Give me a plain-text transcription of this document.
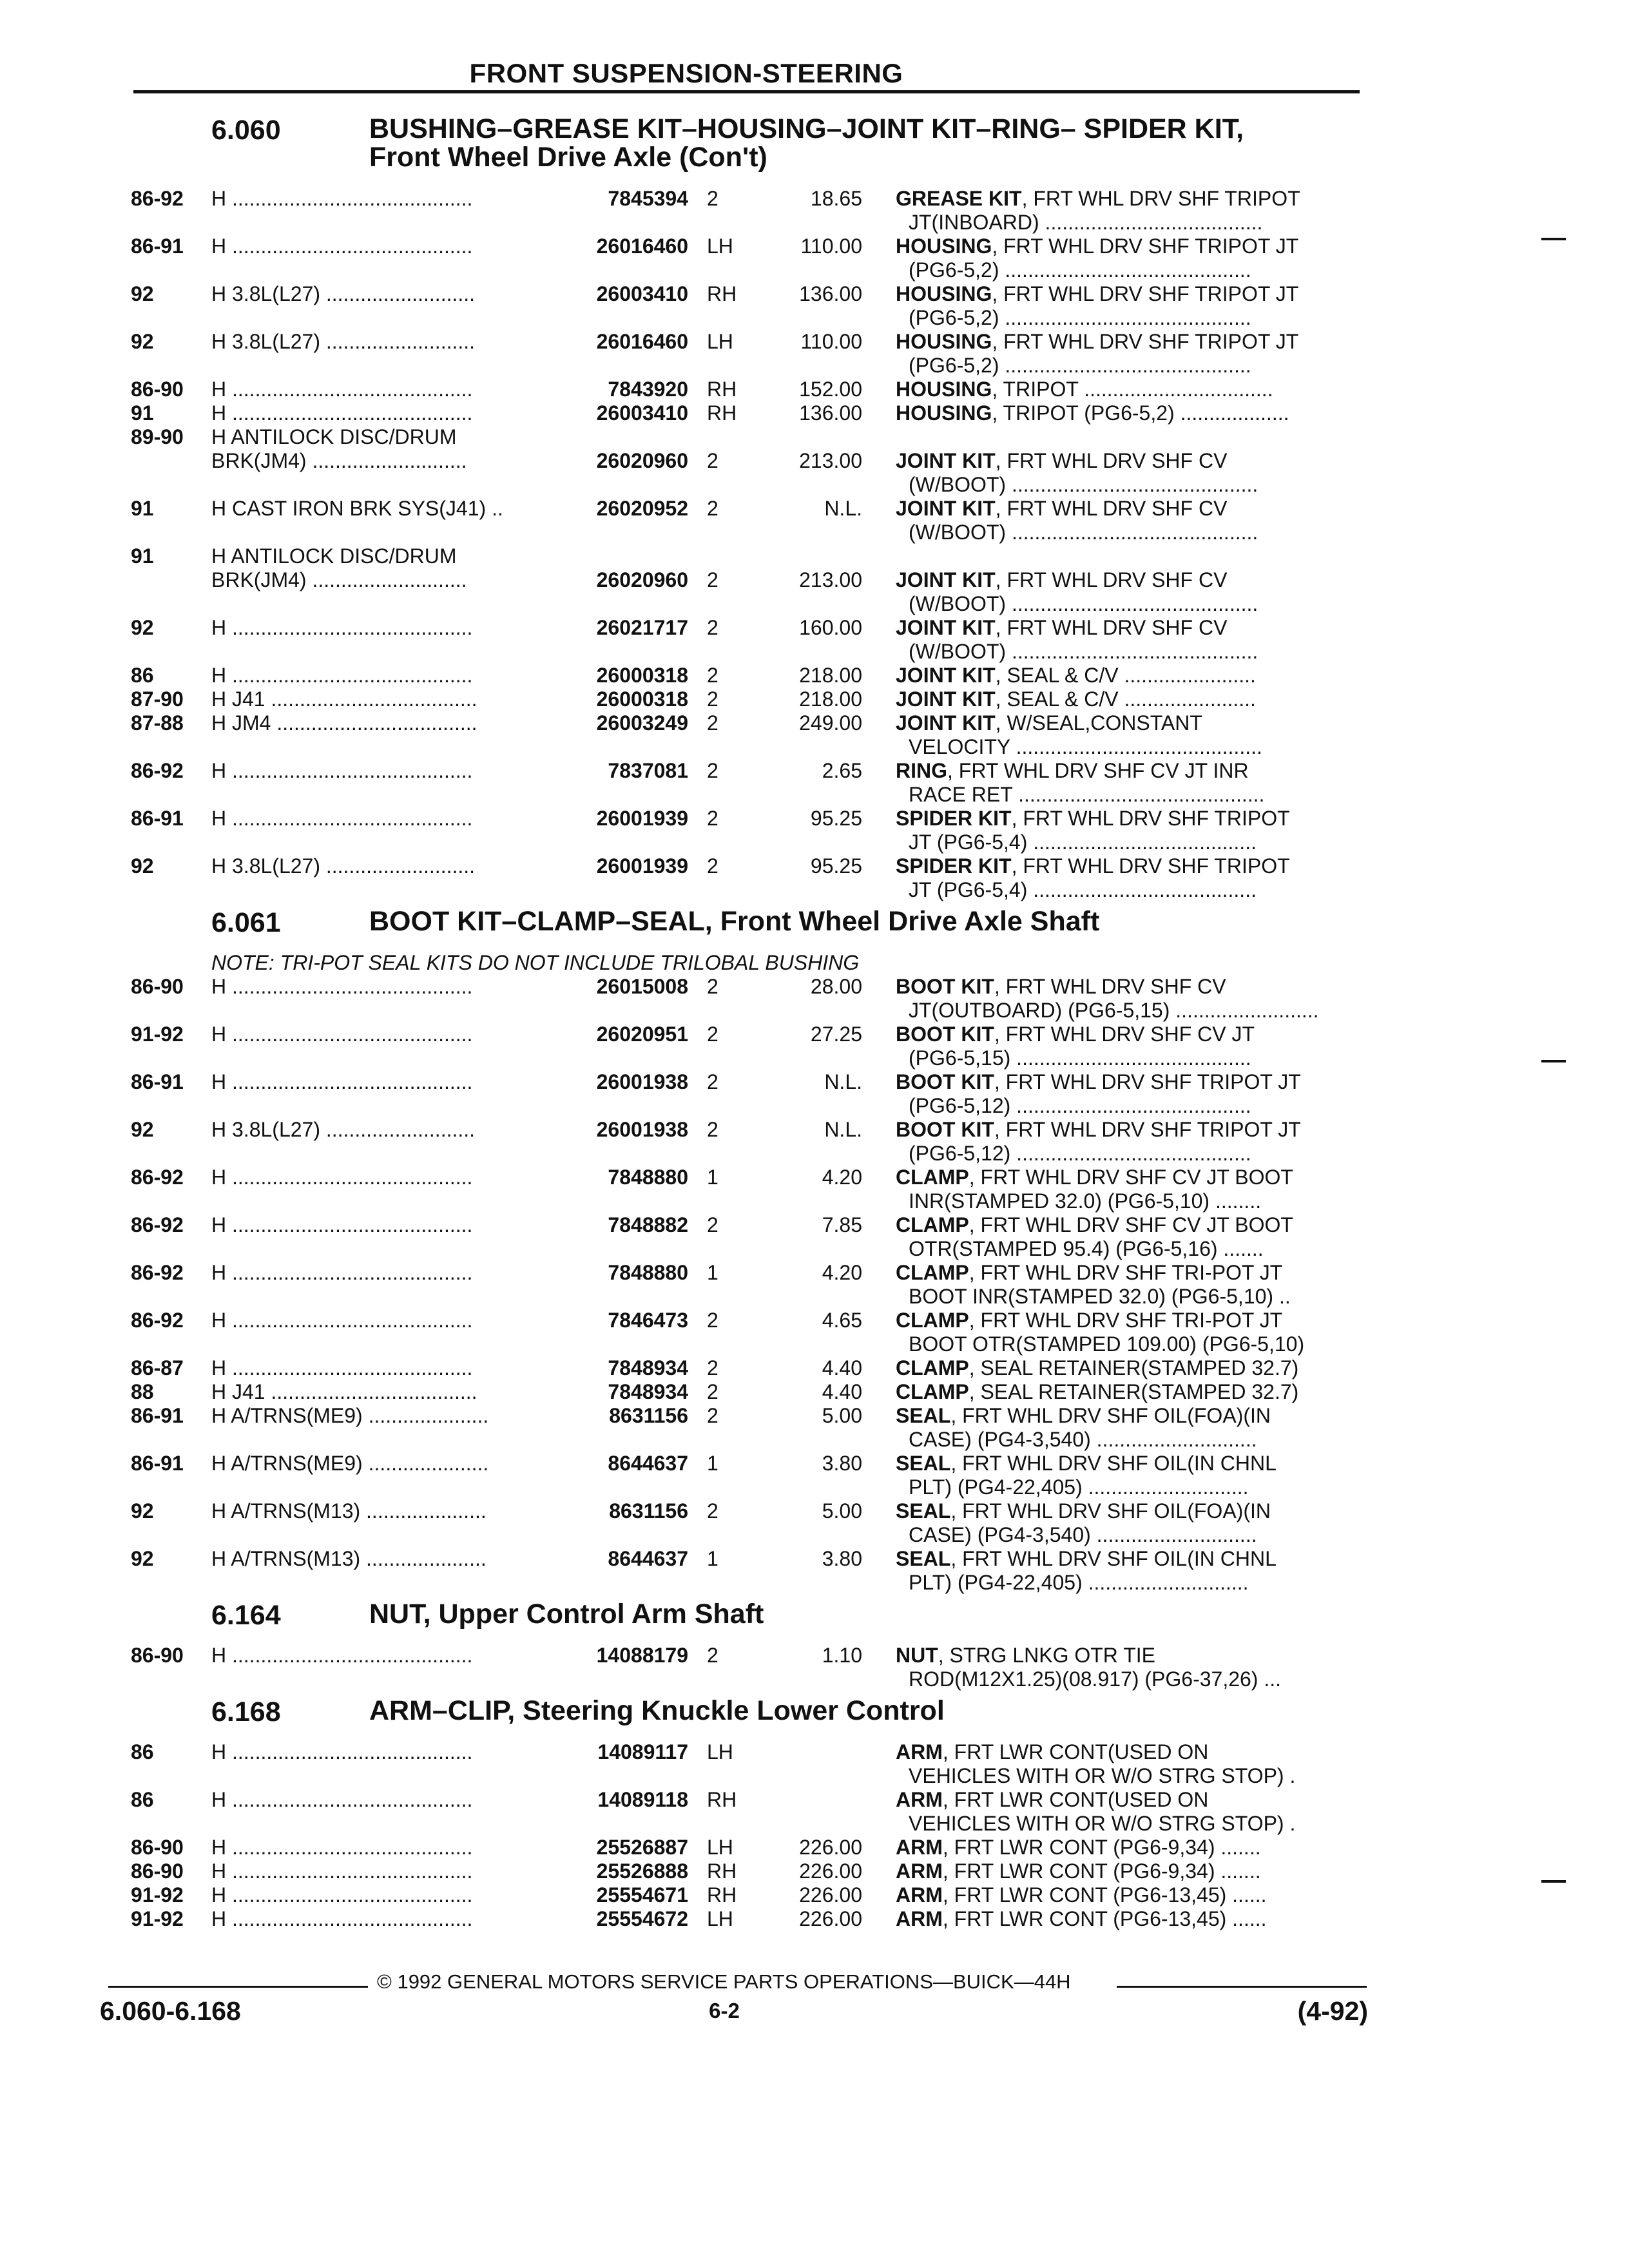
FRONT SUSPENSION-STEERING
6.060	BUSHING–GREASE KIT–HOUSING–JOINT KIT–RING– SPIDER KIT,
Front Wheel Drive Axle (Con't)
86-92 H ..........................................	7845394 2	18.65 GREASE KIT, FRT WHL DRV SHF TRIPOT
JT(INBOARD) ......................................
86-91 H ..........................................	26016460 LH	110.00 HOUSING, FRT WHL DRV SHF TRIPOT JT
(PG6-5,2) ...........................................
92	H 3.8L(L27) ..........................	26003410 RH	136.00 HOUSING, FRT WHL DRV SHF TRIPOT JT
(PG6-5,2) ...........................................
92	H 3.8L(L27) ..........................	26016460 LH	110.00 HOUSING, FRT WHL DRV SHF TRIPOT JT
(PG6-5,2) ...........................................
86-90 H ..........................................	7843920 RH	152.00 HOUSING, TRIPOT .................................
91	H ..........................................	26003410 RH	136.00 HOUSING, TRIPOT (PG6-5,2) ...................
89-90 H ANTILOCK DISC/DRUM
BRK(JM4) ...........................	26020960 2	213.00 JOINT KIT, FRT WHL DRV SHF CV
(W/BOOT) ...........................................
91	H CAST IRON BRK SYS(J41) ..	26020952 2	N.L. JOINT KIT, FRT WHL DRV SHF CV
(W/BOOT) ...........................................
91	H ANTILOCK DISC/DRUM
BRK(JM4) ...........................	26020960 2	213.00 JOINT KIT, FRT WHL DRV SHF CV
(W/BOOT) ...........................................
92	H ..........................................	26021717 2	160.00 JOINT KIT, FRT WHL DRV SHF CV
(W/BOOT) ...........................................
86	H ..........................................	26000318 2	218.00 JOINT KIT, SEAL & C/V .......................
87-90 H J41 ....................................	26000318 2	218.00 JOINT KIT, SEAL & C/V .......................
87-88 H JM4 ...................................	26003249 2	249.00 JOINT KIT, W/SEAL,CONSTANT
VELOCITY ...........................................
86-92 H ..........................................	7837081 2	2.65 RING, FRT WHL DRV SHF CV JT INR
RACE RET ...........................................
86-91 H ..........................................	26001939 2	95.25 SPIDER KIT, FRT WHL DRV SHF TRIPOT
JT (PG6-5,4) .......................................
92	H 3.8L(L27) ..........................	26001939 2	95.25 SPIDER KIT, FRT WHL DRV SHF TRIPOT
JT (PG6-5,4) .......................................
6.061	BOOT KIT–CLAMP–SEAL, Front Wheel Drive Axle Shaft
NOTE: TRI-POT SEAL KITS DO NOT INCLUDE TRILOBAL BUSHING
86-90 H ..........................................	26015008 2	28.00 BOOT KIT, FRT WHL DRV SHF CV
JT(OUTBOARD) (PG6-5,15) .........................
91-92 H ..........................................	26020951 2	27.25 BOOT KIT, FRT WHL DRV SHF CV JT
(PG6-5,15) .........................................
86-91 H ..........................................	26001938 2	N.L. BOOT KIT, FRT WHL DRV SHF TRIPOT JT
(PG6-5,12) .........................................
92	H 3.8L(L27) ..........................	26001938 2	N.L. BOOT KIT, FRT WHL DRV SHF TRIPOT JT
(PG6-5,12) .........................................
86-92 H ..........................................	7848880 1	4.20 CLAMP, FRT WHL DRV SHF CV JT BOOT
INR(STAMPED 32.0) (PG6-5,10) ........
86-92 H ..........................................	7848882 2	7.85 CLAMP, FRT WHL DRV SHF CV JT BOOT
OTR(STAMPED 95.4) (PG6-5,16) .......
86-92 H ..........................................	7848880 1	4.20 CLAMP, FRT WHL DRV SHF TRI-POT JT
BOOT INR(STAMPED 32.0) (PG6-5,10) ..
86-92 H ..........................................	7846473 2	4.65 CLAMP, FRT WHL DRV SHF TRI-POT JT
BOOT OTR(STAMPED 109.00) (PG6-5,10)
86-87 H ..........................................	7848934 2	4.40 CLAMP, SEAL RETAINER(STAMPED 32.7)
88	H J41 ....................................	7848934 2	4.40 CLAMP, SEAL RETAINER(STAMPED 32.7)
86-91 H A/TRNS(ME9) .....................	8631156 2	5.00 SEAL, FRT WHL DRV SHF OIL(FOA)(IN
CASE) (PG4-3,540) ............................
86-91 H A/TRNS(ME9) .....................	8644637 1	3.80 SEAL, FRT WHL DRV SHF OIL(IN CHNL
PLT) (PG4-22,405) ............................
92	H A/TRNS(M13) .....................	8631156 2	5.00 SEAL, FRT WHL DRV SHF OIL(FOA)(IN
CASE) (PG4-3,540) ............................
92	H A/TRNS(M13) .....................	8644637 1	3.80 SEAL, FRT WHL DRV SHF OIL(IN CHNL
PLT) (PG4-22,405) ............................
6.164	NUT, Upper Control Arm Shaft
86-90 H ..........................................	14088179 2	1.10 NUT, STRG LNKG OTR TIE
ROD(M12X1.25)(08.917) (PG6-37,26) ...
6.168	ARM–CLIP, Steering Knuckle Lower Control
86	H ..........................................	14089117 LH	ARM, FRT LWR CONT(USED ON
VEHICLES WITH OR W/O STRG STOP) .
86	H ..........................................	14089118 RH	ARM, FRT LWR CONT(USED ON
VEHICLES WITH OR W/O STRG STOP) .
86-90 H ..........................................	25526887 LH	226.00 ARM, FRT LWR CONT (PG6-9,34) .......
86-90 H ..........................................	25526888 RH	226.00 ARM, FRT LWR CONT (PG6-9,34) .......
91-92 H ..........................................	25554671 RH	226.00 ARM, FRT LWR CONT (PG6-13,45) ......
91-92 H ..........................................	25554672 LH	226.00 ARM, FRT LWR CONT (PG6-13,45) ......
© 1992 GENERAL MOTORS SERVICE PARTS OPERATIONS—BUICK—44H
6.060-6.168	6-2	(4-92)
